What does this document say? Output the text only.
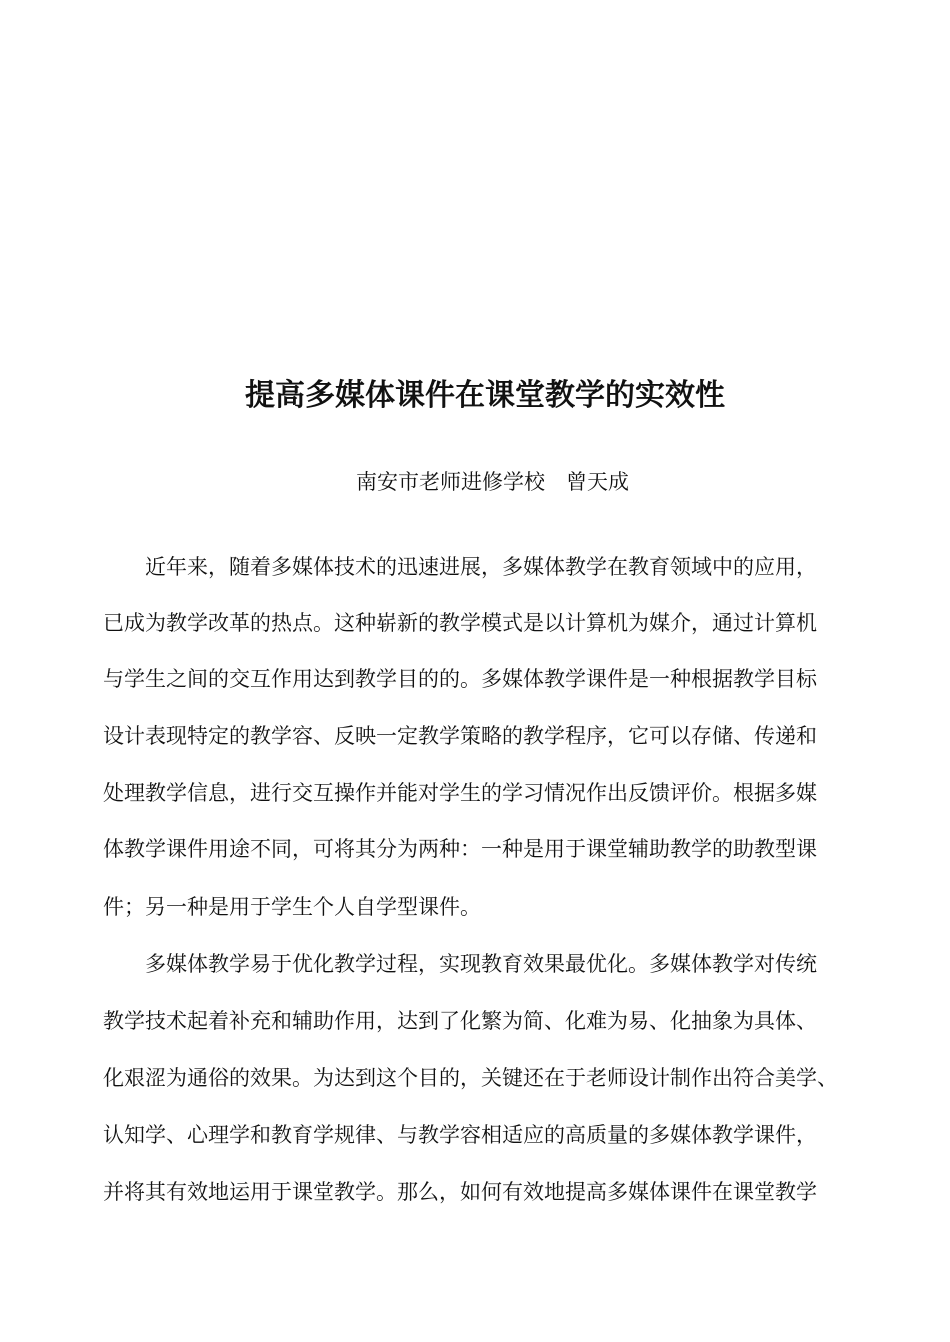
提高多媒体课件在课堂教学的实效性
南安市老师进修学校　曾天成
近年来，随着多媒体技术的迅速进展，多媒体教学在教育领域中的应用，
已成为教学改革的热点。这种崭新的教学模式是以计算机为媒介，通过计算机
与学生之间的交互作用达到教学目的的。多媒体教学课件是一种根据教学目标
设计表现特定的教学容、反映一定教学策略的教学程序，它可以存储、传递和
处理教学信息，进行交互操作并能对学生的学习情况作出反馈评价。根据多媒
体教学课件用途不同，可将其分为两种：一种是用于课堂辅助教学的助教型课
件；另一种是用于学生个人自学型课件。
多媒体教学易于优化教学过程，实现教育效果最优化。多媒体教学对传统
教学技术起着补充和辅助作用，达到了化繁为简、化难为易、化抽象为具体、
化艰涩为通俗的效果。为达到这个目的，关键还在于老师设计制作出符合美学、
认知学、心理学和教育学规律、与教学容相适应的高质量的多媒体教学课件，
并将其有效地运用于课堂教学。那么，如何有效地提高多媒体课件在课堂教学
